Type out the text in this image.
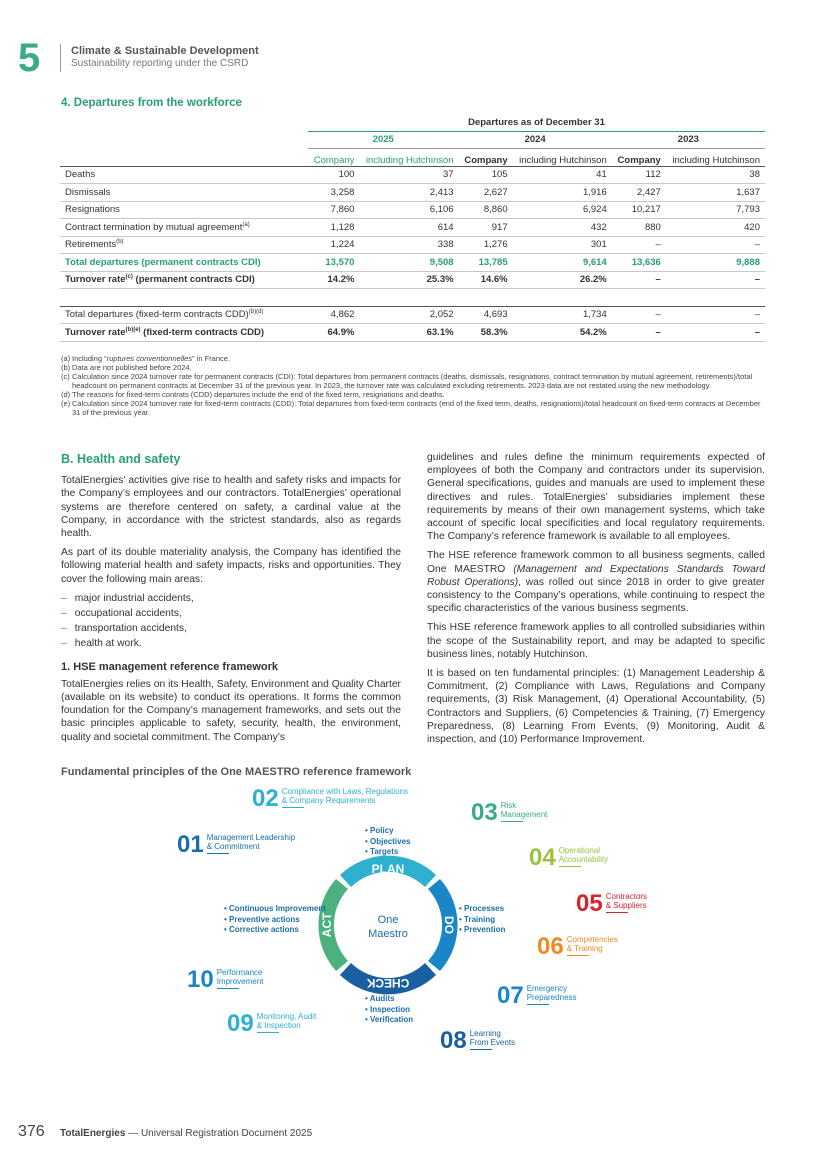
5	Climate & Sustainable Development
Sustainability reporting under the CSRD
4. Departures from the workforce
	Departures as of December 31					
	2025		2024		2023	
	Company	including Hutchinson	Company	including Hutchinson	Company	including Hutchinson
Deaths	100	37	105	41	112	38
Dismissals	3,258	2,413	2,627	1,916	2,427	1,637
Resignations	7,860	6,106	8,860	6,924	10,217	7,793
Contract termination by mutual agreement$^{(a)}$	1,128	614	917	432	880	420
Retirements$^{(b)}$	1,224	338	1,276	301	–	–
Total departures (permanent contracts CDI)	13,570	9,508	13,785	9,614	13,636	9,888
Turnover rate$^{(c)}$ (permanent contracts CDI)	14.2%	25.3%	14.6%	26.2%	–	–

Total departures (fixed-term contracts CDD)$^{(b)(d)}$	4,862	2,052	4,693	1,734	–	–
Turnover rate$^{(b)(e)}$ (fixed-term contracts CDD)	64.9%	63.1%	58.3%	54.2%	–	–
(a) Including “ruptures conventionnelles” in France.
(b) Data are not published before 2024.
(c) Calculation since 2024 turnover rate for permanent contracts (CDI): Total departures from permanent contracts (deaths, dismissals, resignations, contract termination by mutual agreement, retirements)/total headcount on permanent contracts at December 31 of the previous year. In 2023, the turnover rate was calculated excluding retirements. 2023 data are not restated using the new methodology.
(d) The reasons for fixed-term contrats (CDD) departures include the end of the fixed term, resignations and deaths.
(e) Calculation since 2024 turnover rate for fixed-term contracts (CDD): Total departures from fixed-term contracts (end of the fixed term, deaths, resignations)/total headcount on fixed-term contracts at December 31 of the previous year.
B. Health and safety

TotalEnergies’ activities give rise to health and safety risks and impacts for the Company’s employees and our contractors. TotalEnergies’ operational systems are therefore centered on safety, a cardinal value at the Company, in accordance with the strictest standards, also as regards health.

As part of its double materiality analysis, the Company has identified the following material health and safety impacts, risks and opportunities. They cover the following main areas:

– major industrial accidents,
– occupational accidents,
– transportation accidents,
– health at work.
1. HSE management reference framework

TotalEnergies relies on its Health, Safety, Environment and Quality Charter (available on its website) to conduct its operations. It forms the common foundation for the Company’s management frameworks, and sets out the basic principles applicable to safety, security, health, the environment, quality and societal commitment. The Company’s

guidelines and rules define the minimum requirements expected of employees of both the Company and contractors under its supervision. General specifications, guides and manuals are used to implement these directives and rules. TotalEnergies’ subsidiaries implement these requirements by means of their own management systems, which take account of specific local specificities and local regulatory requirements. The Company’s reference framework is available to all employees.

The HSE reference framework common to all business segments, called One MAESTRO (Management and Expectations Standards Toward Robust Operations), was rolled out since 2018 in order to give greater consistency to the Company’s operations, while continuing to respect the specific characteristics of the various business segments.

This HSE reference framework applies to all controlled subsidiaries within the scope of the Sustainability report, and may be adapted to specific business lines, notably Hutchinson.

It is based on ten fundamental principles: (1) Management Leadership & Commitment, (2) Compliance with Laws, Regulations and Company requirements, (3) Risk Management, (4) Operational Accountability, (5) Contractors and Suppliers, (6) Competencies & Training, (7) Emergency Preparedness, (8) Learning From Events, (9) Monitoring, Audit & inspection, and (10) Performance Improvement.

Fundamental principles of the One MAESTRO reference framework
PLAN
CHECK
DO
ACT	One
Maestro
• Policy
• Objectives
• Targets
• Processes
• Training
• Prevention
• Audits
• Inspection
• Verification
• Continuous Improvement
• Preventive actions
• Corrective actions
01 Management Leadership
& Commitment
02 Compliance with Laws, Regulations
& Company Requirements	03 Risk
Management
04 Operational
Accountability
05 Contractors
& Suppliers
06 Competencies
& Training
07 Emergency
Preparedness
08 Learning
From Events
09 Monitoring, Audit
& Inspection
10 Performance
Improvement
376 TotalEnergies — Universal Registration Document 2025
